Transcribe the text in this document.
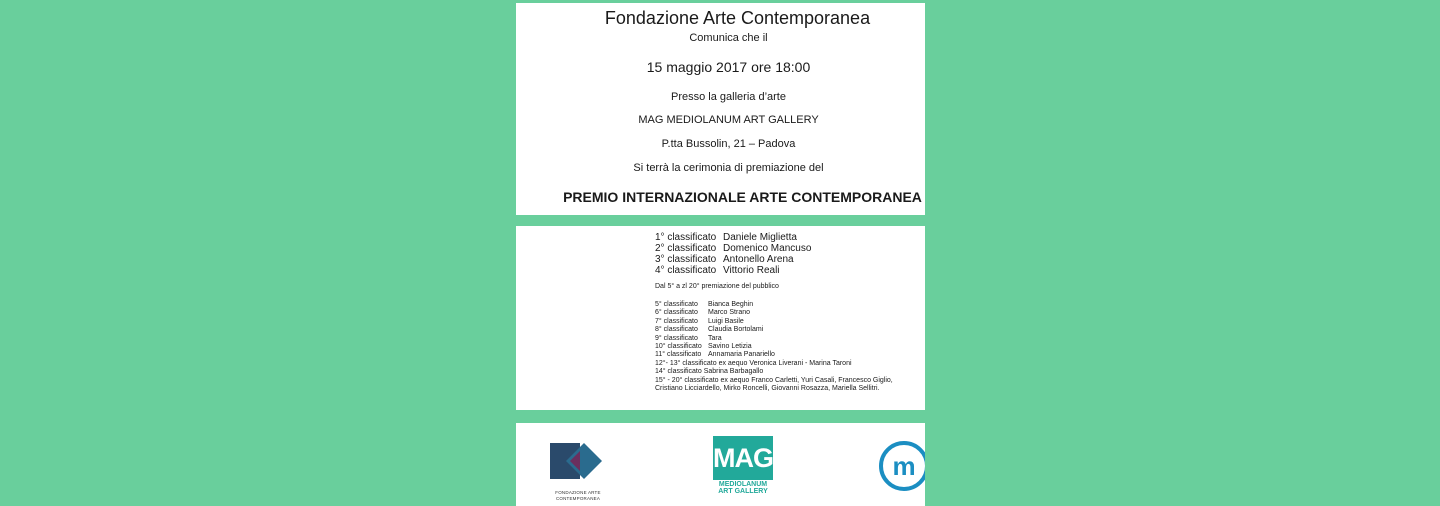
Fondazione Arte Contemporanea
Comunica che il
15 maggio 2017 ore 18:00
Presso la galleria d’arte
MAG MEDIOLANUM ART GALLERY
P.tta Bussolin, 21 – Padova
Si terrà la cerimonia di premiazione del
PREMIO INTERNAZIONALE ARTE CONTEMPORANEA
1° classificato Daniele Miglietta
2° classificato Domenico Mancuso
3° classificato Antonello Arena
4° classificato Vittorio Reali
Dal 5° a zl 20° premiazione del pubblico
5° classificato Bianca Beghin
6° classificato Marco Strano
7° classificato Luigi Basile
8° classificato Claudia Bortolami
9° classificato Tara
10° classificato Savino Letizia
11° classificato Annamaria Panariello
12°- 13° classificato ex aequo Veronica Liverani - Marina Taroni
14° classificato Sabrina Barbagallo
15° - 20° classificato ex aequo Franco Carletti, Yuri Casali, Francesco Giglio,
Cristiano Licciardello, Mirko Roncelli, Giovanni Rosazza, Mariella Sellitri.
FONDAZIONE ARTE
CONTEMPORANEA
MAG
MEDIOLANUM
ART GALLERY
m
